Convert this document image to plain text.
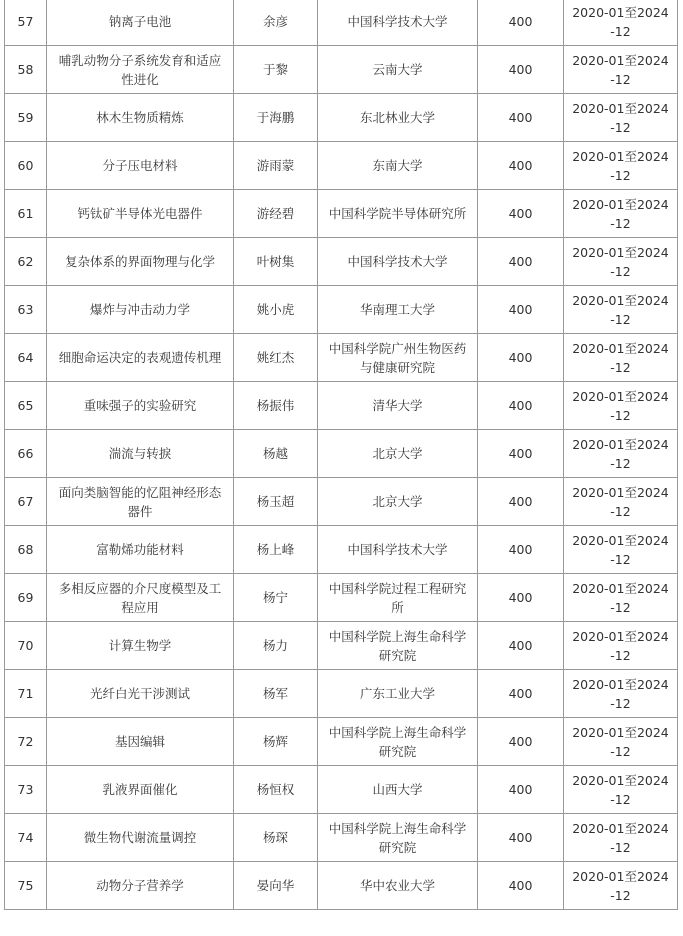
57	钠离子电池	余彦	中国科学技术大学	400	2020-01至2024-12
58	哺乳动物分子系统发育和适应性进化	于黎	云南大学	400	2020-01至2024-12
59	林木生物质精炼	于海鹏	东北林业大学	400	2020-01至2024-12
60	分子压电材料	游雨蒙	东南大学	400	2020-01至2024-12
61	钙钛矿半导体光电器件	游经碧	中国科学院半导体研究所	400	2020-01至2024-12
62	复杂体系的界面物理与化学	叶树集	中国科学技术大学	400	2020-01至2024-12
63	爆炸与冲击动力学	姚小虎	华南理工大学	400	2020-01至2024-12
64	细胞命运决定的表观遗传机理	姚红杰	中国科学院广州生物医药与健康研究院	400	2020-01至2024-12
65	重味强子的实验研究	杨振伟	清华大学	400	2020-01至2024-12
66	湍流与转捩	杨越	北京大学	400	2020-01至2024-12
67	面向类脑智能的忆阻神经形态器件	杨玉超	北京大学	400	2020-01至2024-12
68	富勒烯功能材料	杨上峰	中国科学技术大学	400	2020-01至2024-12
69	多相反应器的介尺度模型及工程应用	杨宁	中国科学院过程工程研究所	400	2020-01至2024-12
70	计算生物学	杨力	中国科学院上海生命科学研究院	400	2020-01至2024-12
71	光纤白光干涉测试	杨军	广东工业大学	400	2020-01至2024-12
72	基因编辑	杨辉	中国科学院上海生命科学研究院	400	2020-01至2024-12
73	乳液界面催化	杨恒权	山西大学	400	2020-01至2024-12
74	微生物代谢流量调控	杨琛	中国科学院上海生命科学研究院	400	2020-01至2024-12
75	动物分子营养学	晏向华	华中农业大学	400	2020-01至2024-12
